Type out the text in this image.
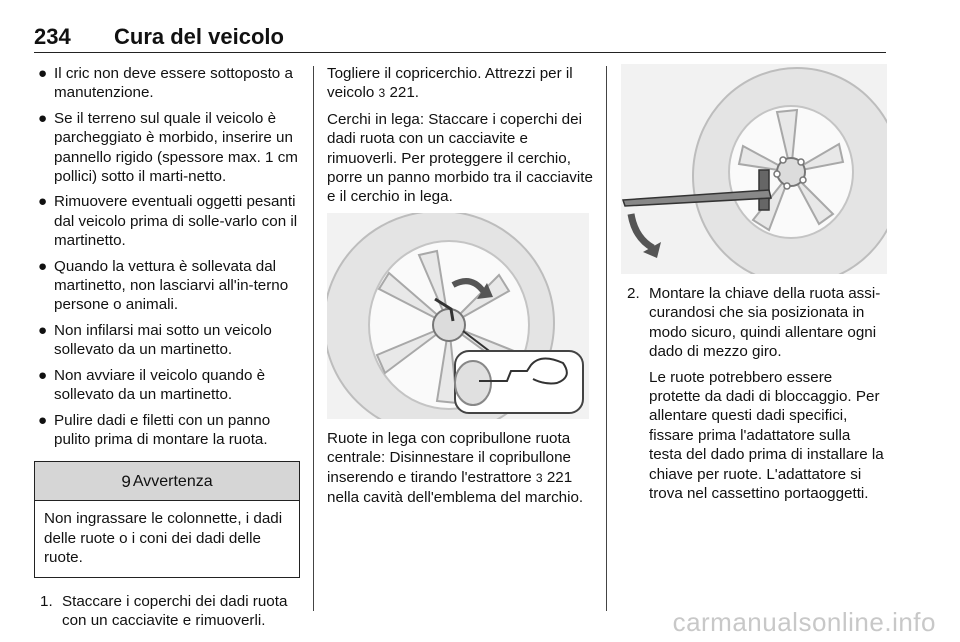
234 Cura del veicolo
● Il cric non deve essere sottoposto a manutenzione.
● Se il terreno sul quale il veicolo è parcheggiato è morbido, inserire un pannello rigido (spessore max. 1 cm pollici) sotto il marti-netto.
● Rimuovere eventuali oggetti pesanti dal veicolo prima di solle-varlo con il martinetto.
● Quando la vettura è sollevata dal martinetto, non lasciarvi all'in-terno persone o animali.
● Non infilarsi mai sotto un veicolo sollevato da un martinetto.
● Non avviare il veicolo quando è sollevato da un martinetto.
● Pulire dadi e filetti con un panno pulito prima di montare la ruota.
9 Avvertenza
Non ingrassare le colonnette, i dadi delle ruote o i coni dei dadi delle ruote.
1. Staccare i coperchi dei dadi ruota con un cacciavite e rimuoverli.

Togliere il copricerchio. Attrezzi per il veicolo 3 221.

Cerchi in lega: Staccare i coperchi dei dadi ruota con un cacciavite e rimuoverli. Per proteggere il cerchio, porre un panno morbido tra il cacciavite e il cerchio in lega.

Ruote in lega con copribullone ruota centrale: Disinnestare il copribullone inserendo e tirando l'estrattore 3 221 nella cavità dell'emblema del marchio.

2. Montare la chiave della ruota assi-curandosi che sia posizionata in modo sicuro, quindi allentare ogni dado di mezzo giro.

Le ruote potrebbero essere protette da dadi di bloccaggio. Per allentare questi dadi specifici, fissare prima l'adattatore sulla testa del dado prima di installare la chiave per ruote. L'adattatore si trova nel cassettino portaoggetti.

carmanualsonline.info
